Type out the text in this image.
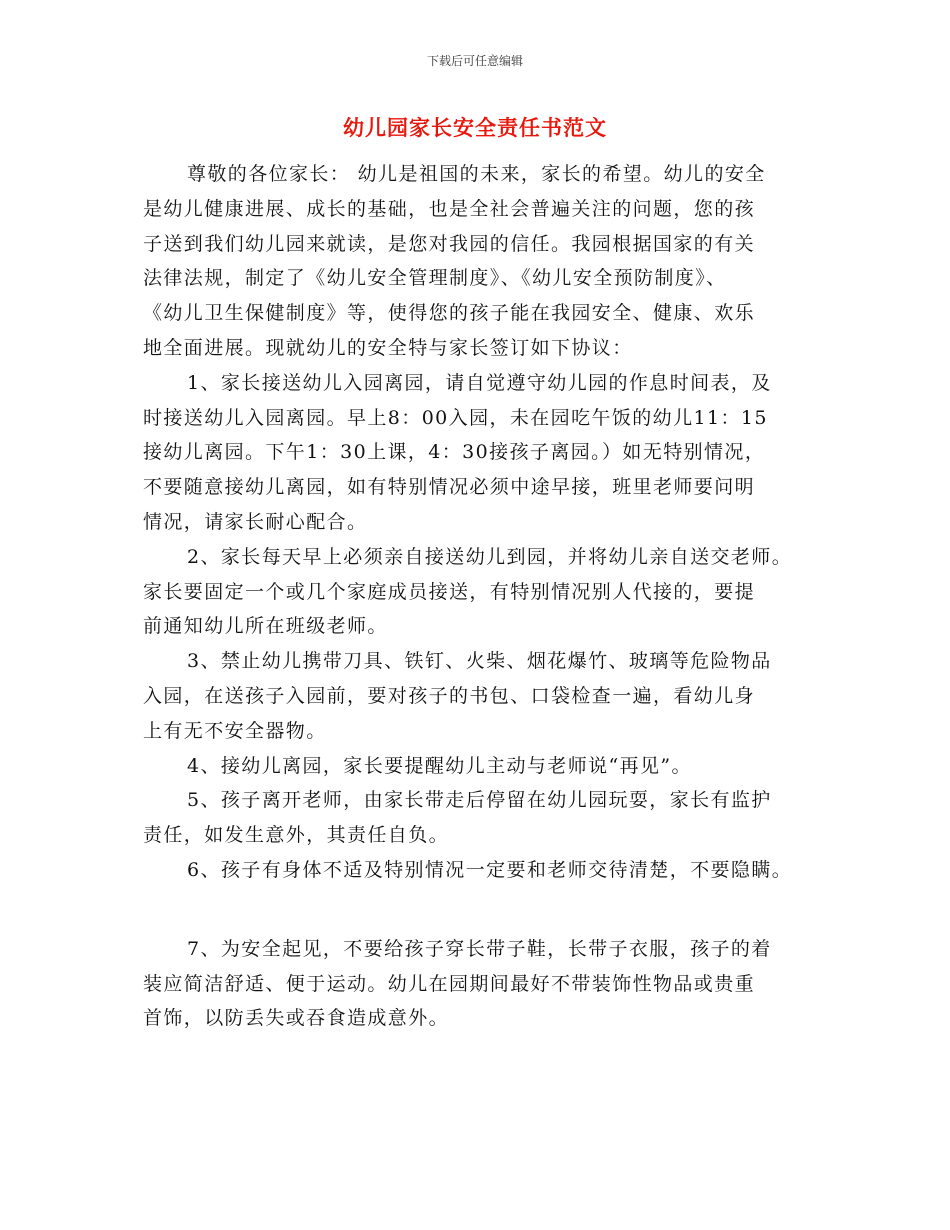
下载后可任意编辑
幼儿园家长安全责任书范文
尊敬的各位家长： 幼儿是祖国的未来，家长的希望。幼儿的安全
是幼儿健康进展、成长的基础，也是全社会普遍关注的问题，您的孩
子送到我们幼儿园来就读，是您对我园的信任。我园根据国家的有关
法律法规，制定了《幼儿安全管理制度》、《幼儿安全预防制度》、
《幼儿卫生保健制度》等，使得您的孩子能在我园安全、健康、欢乐
地全面进展。现就幼儿的安全特与家长签订如下协议：
1、家长接送幼儿入园离园，请自觉遵守幼儿园的作息时间表，及
时接送幼儿入园离园。早上8：00入园，未在园吃午饭的幼儿11：15
接幼儿离园。下午1：30上课，4：30接孩子离园。）如无特别情况，
不要随意接幼儿离园，如有特别情况必须中途早接，班里老师要问明
情况，请家长耐心配合。
2、家长每天早上必须亲自接送幼儿到园，并将幼儿亲自送交老师。
家长要固定一个或几个家庭成员接送，有特别情况别人代接的，要提
前通知幼儿所在班级老师。
3、禁止幼儿携带刀具、铁钉、火柴、烟花爆竹、玻璃等危险物品
入园，在送孩子入园前，要对孩子的书包、口袋检查一遍，看幼儿身
上有无不安全器物。
4、接幼儿离园，家长要提醒幼儿主动与老师说“再见”。
5、孩子离开老师，由家长带走后停留在幼儿园玩耍，家长有监护
责任，如发生意外，其责任自负。
6、孩子有身体不适及特别情况一定要和老师交待清楚，不要隐瞒。
7、为安全起见，不要给孩子穿长带子鞋，长带子衣服，孩子的着
装应简洁舒适、便于运动。幼儿在园期间最好不带装饰性物品或贵重
首饰，以防丢失或吞食造成意外。
